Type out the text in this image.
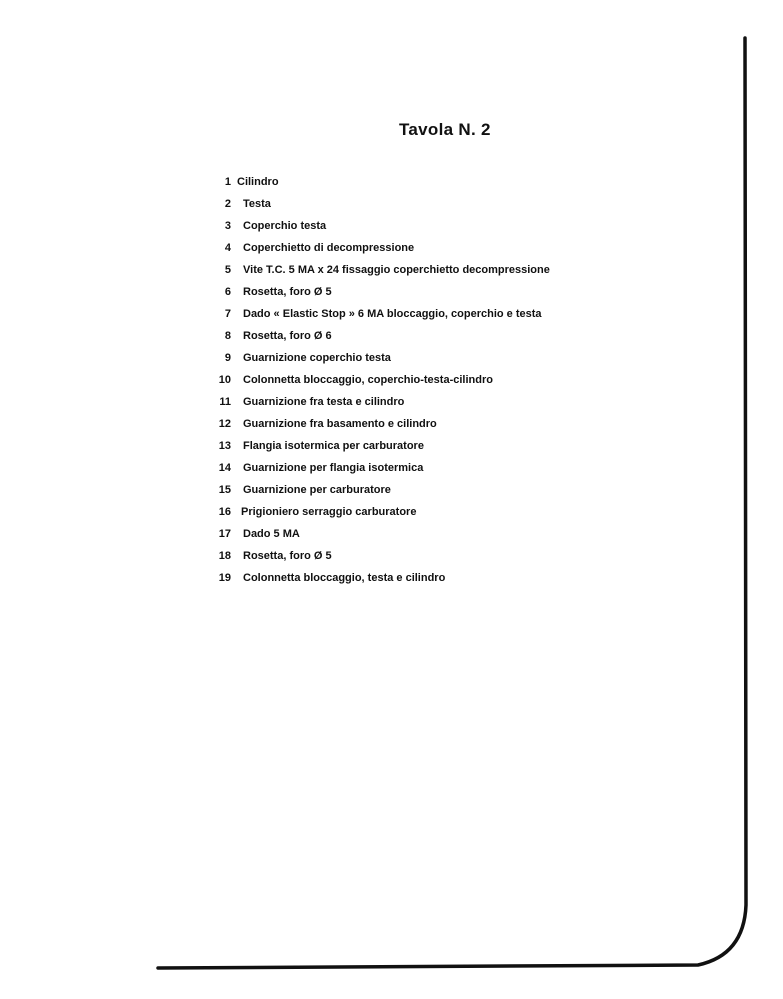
Tavola N. 2
1 Cilindro
2 Testa
3 Coperchio testa
4 Coperchietto di decompressione
5 Vite T.C. 5 MA x 24 fissaggio coperchietto decompressione
6 Rosetta, foro Ø 5
7 Dado « Elastic Stop » 6 MA bloccaggio, coperchio e testa
8 Rosetta, foro Ø 6
9 Guarnizione coperchio testa
10 Colonnetta bloccaggio, coperchio-testa-cilindro
11 Guarnizione fra testa e cilindro
12 Guarnizione fra basamento e cilindro
13 Flangia isotermica per carburatore
14 Guarnizione per flangia isotermica
15 Guarnizione per carburatore
16 Prigioniero serraggio carburatore
17 Dado 5 MA
18 Rosetta, foro Ø 5
19 Colonnetta bloccaggio, testa e cilindro
